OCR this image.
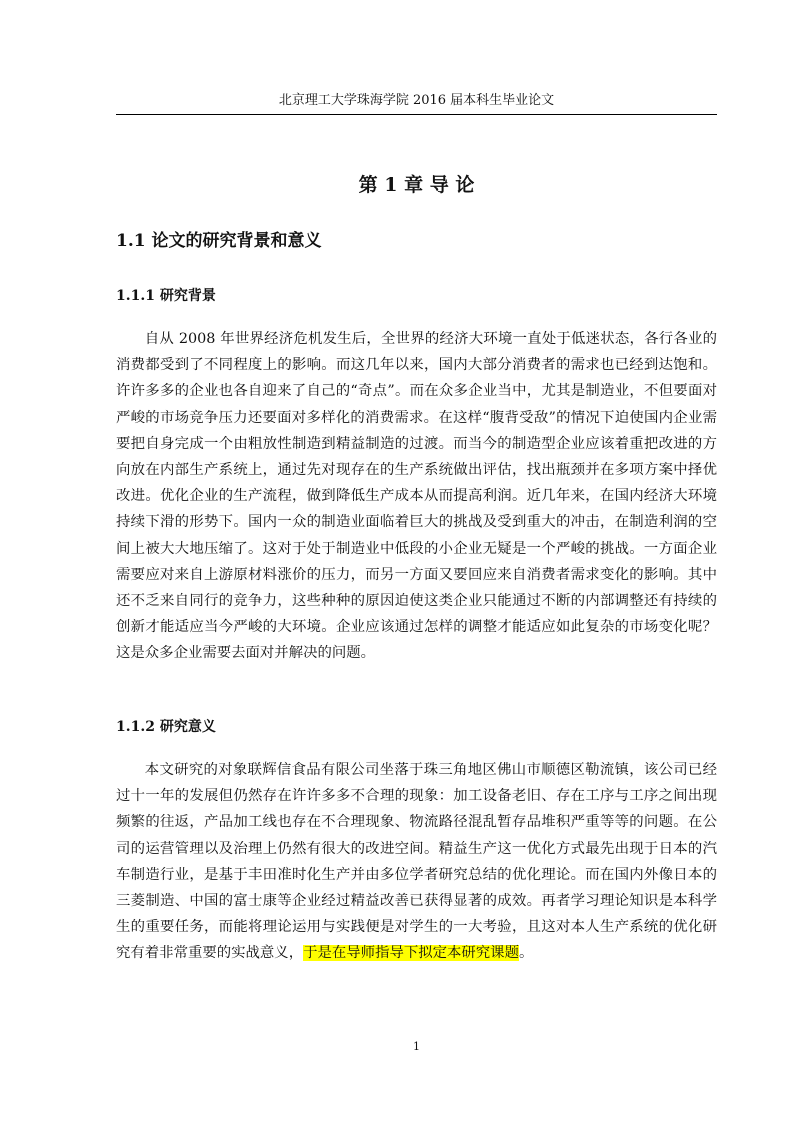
北京理工大学珠海学院 2016 届本科生毕业论文
第 1 章 导 论
1.1 论文的研究背景和意义
1.1.1 研究背景

自从 2008 年世界经济危机发生后，全世界的经济大环境一直处于低迷状态，各行各业的消费都受到了不同程度上的影响。而这几年以来，国内大部分消费者的需求也已经到达饱和。许许多多的企业也各自迎来了自己的“奇点”。而在众多企业当中，尤其是制造业，不但要面对严峻的市场竞争压力还要面对多样化的消费需求。在这样“腹背受敌”的情况下迫使国内企业需要把自身完成一个由粗放性制造到精益制造的过渡。而当今的制造型企业应该着重把改进的方向放在内部生产系统上，通过先对现存在的生产系统做出评估，找出瓶颈并在多项方案中择优改进。优化企业的生产流程，做到降低生产成本从而提高利润。近几年来，在国内经济大环境持续下滑的形势下。国内一众的制造业面临着巨大的挑战及受到重大的冲击，在制造利润的空间上被大大地压缩了。这对于处于制造业中低段的小企业无疑是一个严峻的挑战。一方面企业需要应对来自上游原材料涨价的压力，而另一方面又要回应来自消费者需求变化的影响。其中还不乏来自同行的竞争力，这些种种的原因迫使这类企业只能通过不断的内部调整还有持续的创新才能适应当今严峻的大环境。企业应该通过怎样的调整才能适应如此复杂的市场变化呢？这是众多企业需要去面对并解决的问题。

1.1.2 研究意义

本文研究的对象联辉信食品有限公司坐落于珠三角地区佛山市顺德区勒流镇，该公司已经过十一年的发展但仍然存在许许多多不合理的现象：加工设备老旧、存在工序与工序之间出现频繁的往返，产品加工线也存在不合理现象、物流路径混乱暂存品堆积严重等等的问题。在公司的运营管理以及治理上仍然有很大的改进空间。精益生产这一优化方式最先出现于日本的汽车制造行业，是基于丰田准时化生产并由多位学者研究总结的优化理论。而在国内外像日本的三菱制造、中国的富士康等企业经过精益改善已获得显著的成效。再者学习理论知识是本科学生的重要任务，而能将理论运用与实践便是对学生的一大考验，且这对本人生产系统的优化研究有着非常重要的实战意义，于是在导师指导下拟定本研究课题。

1
